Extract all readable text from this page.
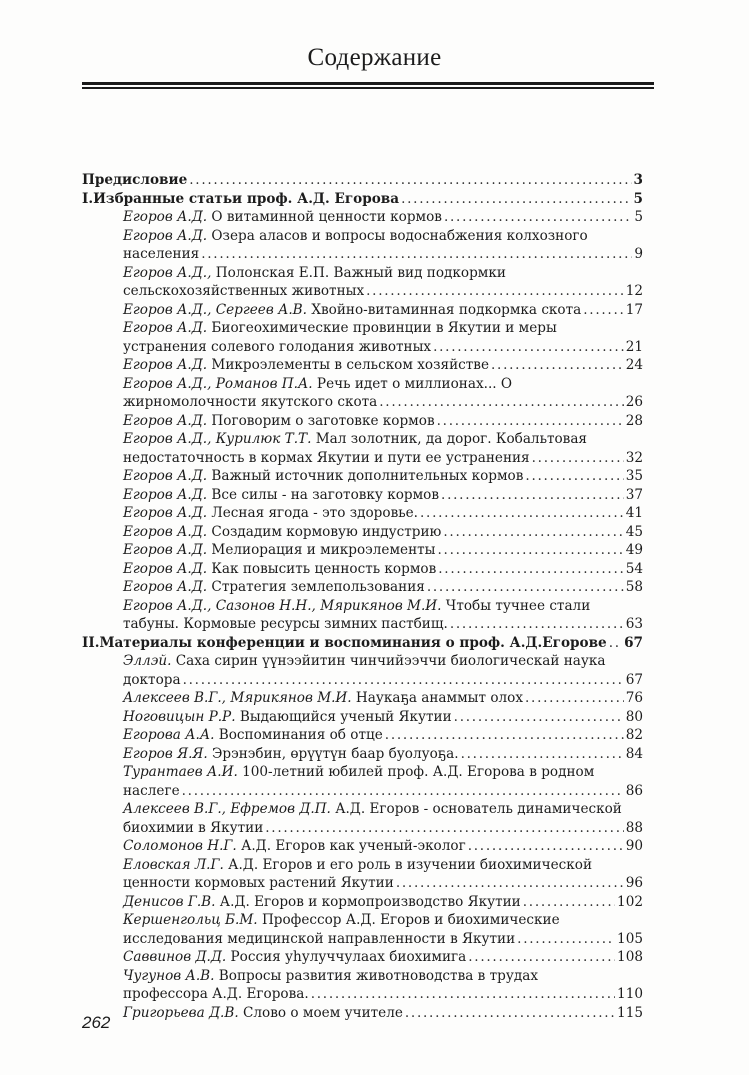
Содержание
Предисловие . . .	3
I.Избранные статьи проф. А.Д. Егорова . . .	5
Егоров А.Д. О витаминной ценности кормов . . .	5
Егоров А.Д. Озера аласов и вопросы водоснабжения колхозного
населения . . .	9
Егоров А.Д., Полонская Е.П. Важный вид подкормки
сельскохозяйственных животных . . .	12
Егоров А.Д., Сергеев А.В. Хвойно-витаминная подкормка скота . . .	17
Егоров А.Д. Биогеохимические провинции в Якутии и меры
устранения солевого голодания животных . . .	21
Егоров А.Д. Микроэлементы в сельском хозяйстве . . .	24
Егоров А.Д., Романов П.А. Речь идет о миллионах... О
жирномолочности якутского скота . . .	26
Егоров А.Д. Поговорим о заготовке кормов . . .	28
Егоров А.Д., Курилюк Т.Т. Мал золотник, да дорог. Кобальтовая
недостаточность в кормах Якутии и пути ее устранения . . .	32
Егоров А.Д. Важный источник дополнительных кормов . . .	35
Егоров А.Д. Все силы - на заготовку кормов . . .	37
Егоров А.Д. Лесная ягода - это здоровье. . . .	41
Егоров А.Д. Создадим кормовую индустрию . . .	45
Егоров А.Д. Мелиорация и микроэлементы . . .	49
Егоров А.Д. Как повысить ценность кормов . . .	54
Егоров А.Д. Стратегия землепользования . . .	58
Егоров А.Д., Сазонов Н.Н., Мярикянов М.И. Чтобы тучнее стали
табуны. Кормовые ресурсы зимних пастбищ. . . .	63
II.Материалы конференции и воспоминания о проф. А.Д.Егорове . . . 67
Эллэй. Саха сирин үүнээйитин чинчийээччи биологическай наука
доктора . . .	67
Алексеев В.Г., Мярикянов М.И. Наукаҕа анаммыт олох . . .	76
Ноговицын Р.Р. Выдающийся ученый Якутии . . .	80
Егорова А.А. Воспоминания об отце . . .	82
Егоров Я.Я. Эрэнэбин, өрүүтүн баар буолуоҕа. . . .	84
Турантаев А.И. 100-летний юбилей проф. А.Д. Егорова в родном
наслеге . . .	86
Алексеев В.Г., Ефремов Д.П. А.Д. Егоров - основатель динамической
биохимии в Якутии . . .	88
Соломонов Н.Г. А.Д. Егоров как ученый-эколог . . .	90
Еловская Л.Г. А.Д. Егоров и его роль в изучении биохимической
ценности кормовых растений Якутии . . .	96
Денисов Г.В. А.Д. Егоров и кормопроизводство Якутии . . .	102
Кершенгольц Б.М. Профессор А.Д. Егоров и биохимические
исследования медицинской направленности в Якутии . . .	105
Саввинов Д.Д. Россия уһулуччулаах биохимига . . .	108
Чугунов А.В. Вопросы развития животноводства в трудах
профессора А.Д. Егорова. . . .	110
Григорьева Д.В. Слово о моем учителе . . .	115
262
